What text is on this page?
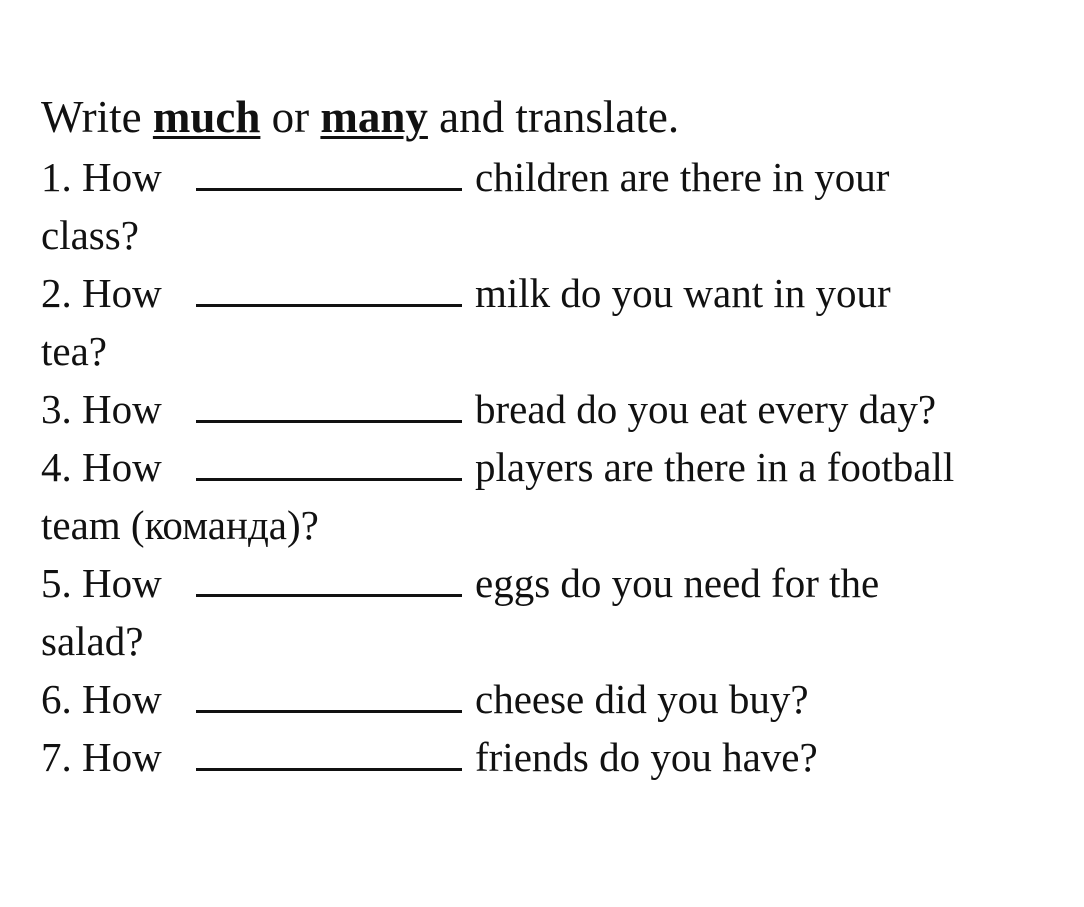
Write much or many and translate.
1. How	children are there in your
class?
2. How	milk do you want in your
tea?
3. How	bread do you eat every day?
4. How	players are there in a football
team (команда)?
5. How	eggs do you need for the
salad?
6. How	cheese did you buy?
7. How	friends do you have?
